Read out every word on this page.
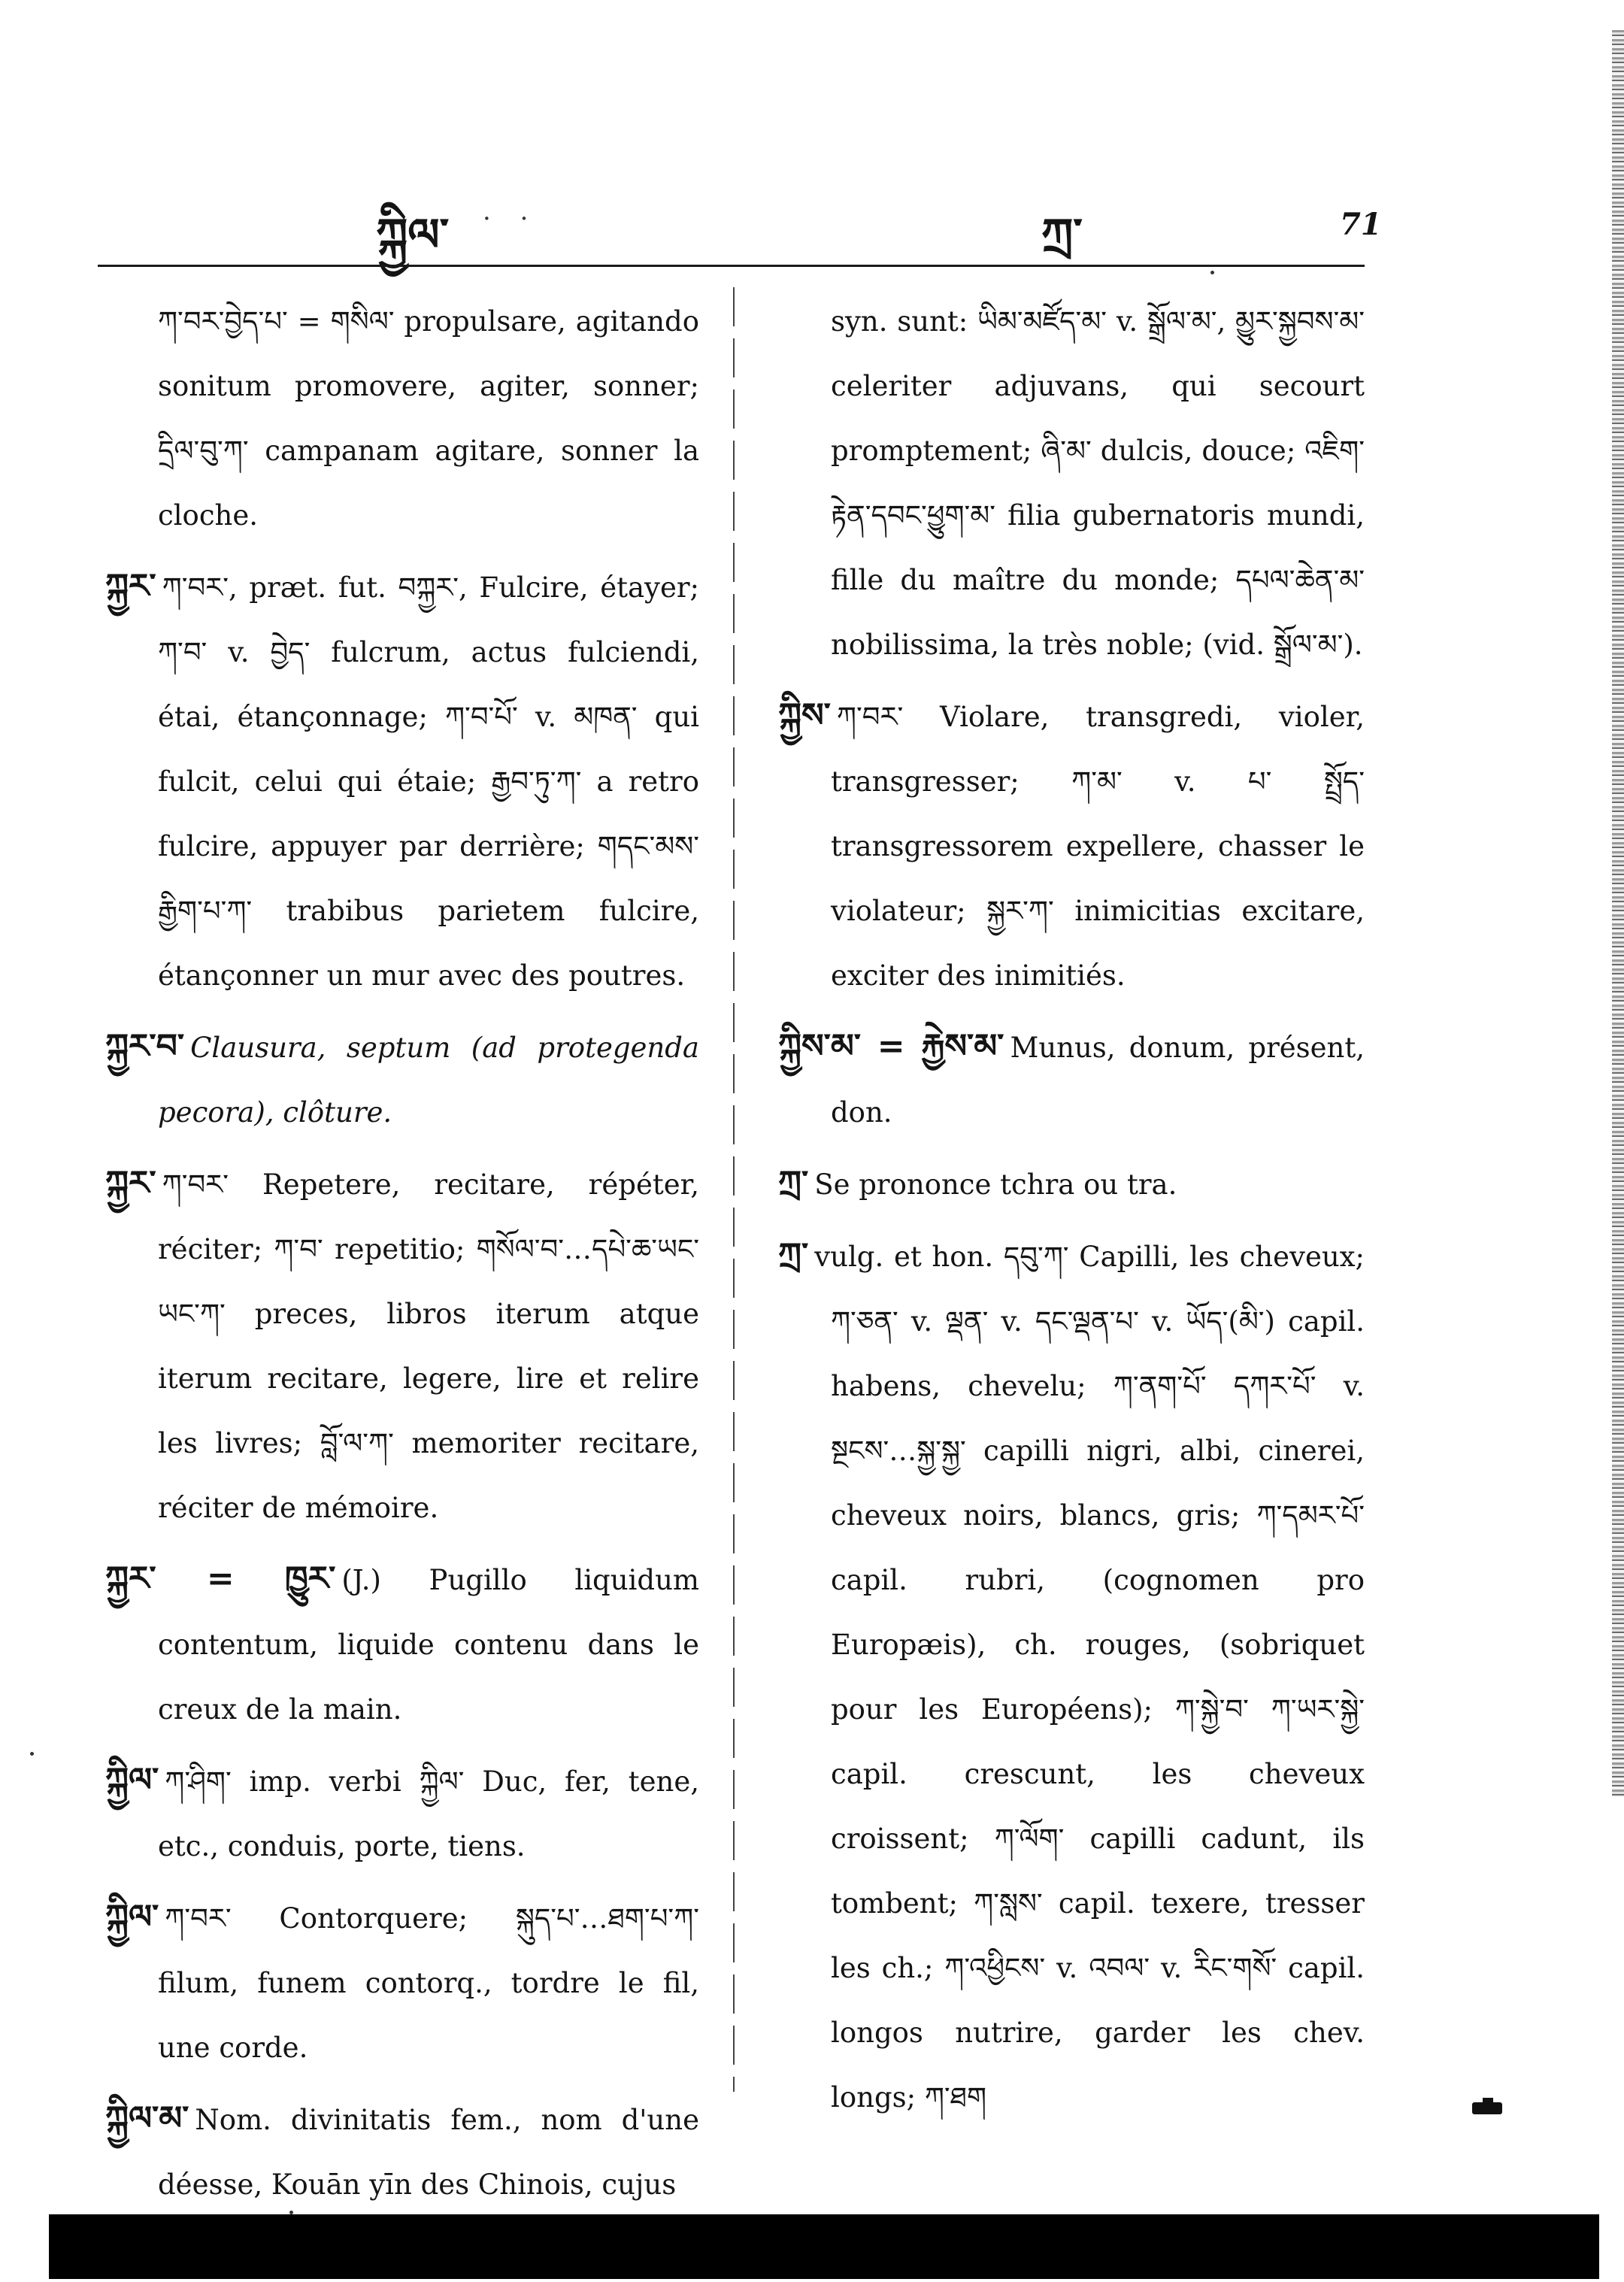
ཀྐྱིལ་ · ·	ཀྲ་	71
ཀ་བར་བྱེད་པ་ = གསིལ་ propulsare, agitando sonitum promovere, agiter, sonner; དྲིལ་བུ་ཀ་ campanam agitare, sonner la cloche.
ཀྐྱར་ ཀ་བར་, præt. fut. བཀྐྱར་, Fulcire, étayer; ཀ་བ་ v. བྱེད་ fulcrum, actus fulciendi, étai, étançonnage; ཀ་བ་པོ་ v. མཁན་ qui fulcit, celui qui étaie; རྒྱབ་ཏུ་ཀ་ a retro fulcire, appuyer par derrière; གདང་མས་རྒྱིག་པ་ཀ་ trabibus parietem fulcire, étançonner un mur avec des poutres.
ཀྐྱར་བ་ Clausura, septum (ad protegenda pecora), clôture.
ཀྐྱར་ ཀ་བར་ Repetere, recitare, répéter, réciter; ཀ་བ་ repetitio; གསོལ་བ་…དཔེ་ཆ་ཡང་ཡང་ཀ་ preces, libros iterum atque iterum recitare, legere, lire et relire les livres; བློ་ལ་ཀ་ memoriter recitare, réciter de mémoire.
ཀྐྱར་ = ཁྱུར་ (J.) Pugillo liquidum contentum, liquide contenu dans le creux de la main.
ཀྐྱིལ་ ཀ་ཤིག་ imp. verbi ཀྐྱིལ་ Duc, fer, tene, etc., conduis, porte, tiens.
ཀྐྱིལ་ ཀ་བར་ Contorquere; སྐུད་པ་…ཐག་པ་ཀ་ filum, funem contorq., tordre le fil, une corde.
ཀྐྱིལ་མ་ Nom. divinitatis fem., nom d'une déesse, Kouān yīn des Chinois, cujus
syn. sunt: ཡིམ་མཛོད་མ་ v. སྒྲོལ་མ་, མྱུར་སྐྱབས་མ་ celeriter adjuvans, qui secourt promptement; ཞི་མ་ dulcis, douce; འཇིག་རྟེན་དབང་ཕྱུག་མ་ filia gubernatoris mundi, fille du maître du monde; དཔལ་ཆེན་མ་ nobilissima, la très noble; (vid. སྒྲོལ་མ་).
ཀྐྱིས་ ཀ་བར་ Violare, transgredi, violer, transgresser; ཀ་མ་ v. པ་ སྤྲོད་ transgressorem expellere, chasser le violateur; སྐྱར་ཀ་ inimicitias excitare, exciter des inimitiés.
ཀྐྱིས་མ་ = རྐྱེས་མ་ Munus, donum, présent, don.
ཀྲ་ Se prononce tchra ou tra.
ཀྲ་ vulg. et hon. དབུ་ཀ་ Capilli, les cheveux; ཀ་ཅན་ v. ལྡན་ v. དང་ལྡན་པ་ v. ཡོད་(མི་) capil. habens, chevelu; ཀ་ནག་པོ་ དཀར་པོ་ v. སྔངས་…སྐྱ་སྐྱ་ capilli nigri, albi, cinerei, cheveux noirs, blancs, gris; ཀ་དམར་པོ་ capil. rubri, (cognomen pro Europæis), ch. rouges, (sobriquet pour les Européens); ཀ་སྐྱེ་བ་ ཀ་ཡར་སྐྱེ་ capil. crescunt, les cheveux croissent; ཀ་ལོག་ capilli cadunt, ils tombent; ཀ་སླས་ capil. texere, tresser les ch.; ཀ་འཕྱིངས་ v. འབལ་ v. རིང་གསོ་ capil. longos nutrire, garder les chev. longs; ཀ་ཐག
